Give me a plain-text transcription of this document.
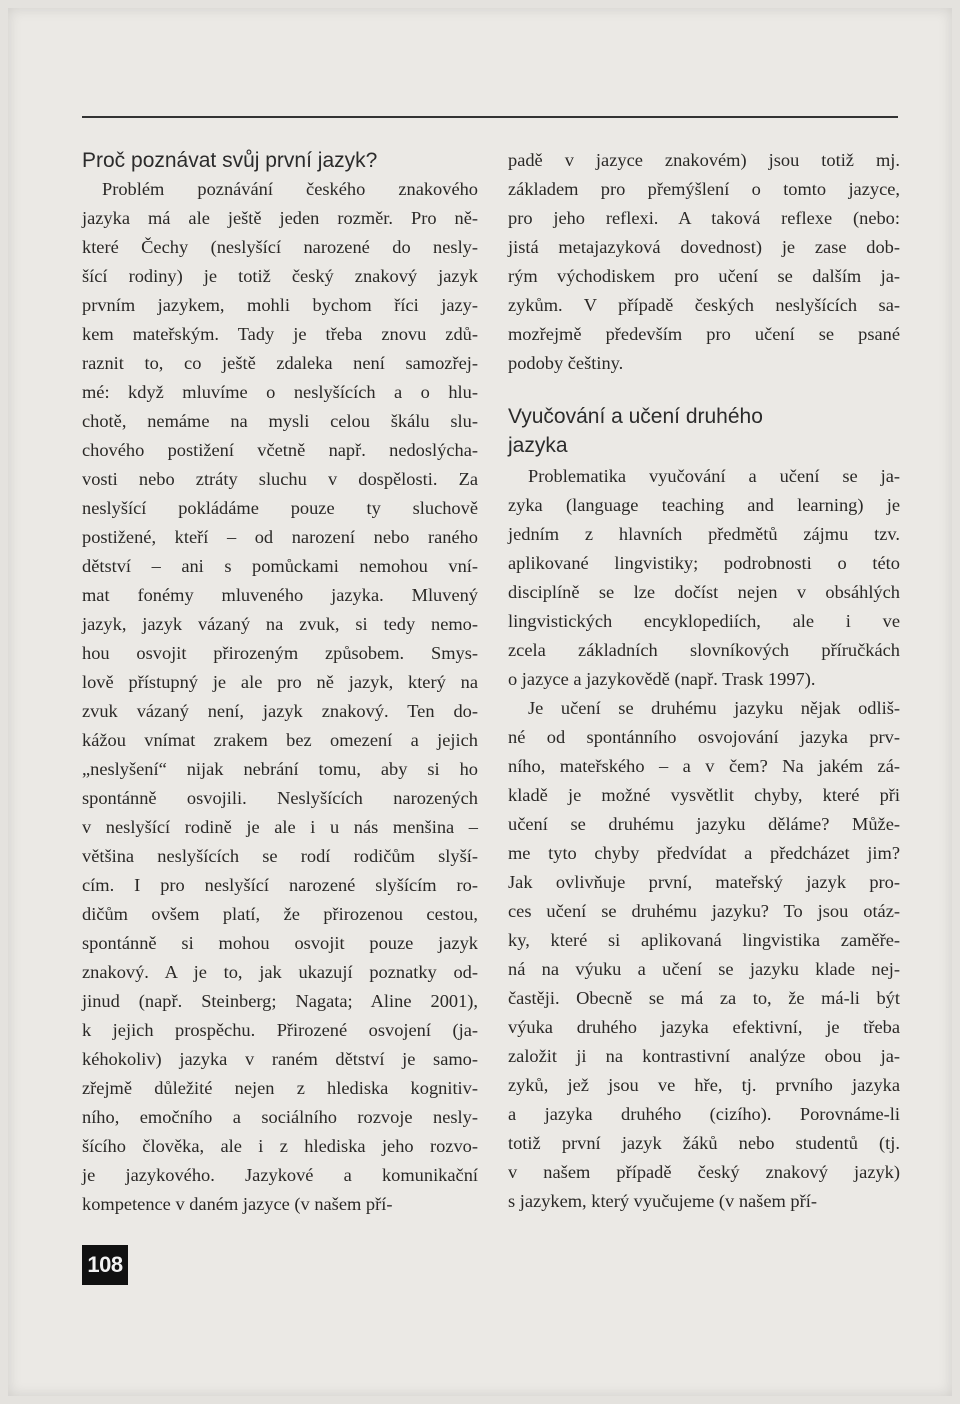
Proč poznávat svůj první jazyk?
Problém poznávání českého znakového
jazyka má ale ještě jeden rozměr. Pro ně-
které Čechy (neslyšící narozené do nesly-
šící rodiny) je totiž český znakový jazyk
prvním jazykem, mohli bychom říci jazy-
kem mateřským. Tady je třeba znovu zdů-
raznit to, co ještě zdaleka není samozřej-
mé: když mluvíme o neslyšících a o hlu-
chotě, nemáme na mysli celou škálu slu-
chového postižení včetně např. nedoslýcha-
vosti nebo ztráty sluchu v dospělosti. Za
neslyšící pokládáme pouze ty sluchově
postižené, kteří – od narození nebo raného
dětství – ani s pomůckami nemohou vní-
mat fonémy mluveného jazyka. Mluvený
jazyk, jazyk vázaný na zvuk, si tedy nemo-
hou osvojit přirozeným způsobem. Smys-
lově přístupný je ale pro ně jazyk, který na
zvuk vázaný není, jazyk znakový. Ten do-
kážou vnímat zrakem bez omezení a jejich
„neslyšení“ nijak nebrání tomu, aby si ho
spontánně osvojili. Neslyšících narozených
v neslyšící rodině je ale i u nás menšina –
většina neslyšících se rodí rodičům slyší-
cím. I pro neslyšící narozené slyšícím ro-
dičům ovšem platí, že přirozenou cestou,
spontánně si mohou osvojit pouze jazyk
znakový. A je to, jak ukazují poznatky od-
jinud (např. Steinberg; Nagata; Aline 2001),
k jejich prospěchu. Přirozené osvojení (ja-
kéhokoliv) jazyka v raném dětství je samo-
zřejmě důležité nejen z hlediska kognitiv-
ního, emočního a sociálního rozvoje nesly-
šícího člověka, ale i z hlediska jeho rozvo-
je jazykového. Jazykové a komunikační
kompetence v daném jazyce (v našem pří-
padě v jazyce znakovém) jsou totiž mj.
základem pro přemýšlení o tomto jazyce,
pro jeho reflexi. A taková reflexe (nebo:
jistá metajazyková dovednost) je zase dob-
rým východiskem pro učení se dalším ja-
zykům. V případě českých neslyšících sa-
mozřejmě především pro učení se psané
podoby češtiny.
Vyučování a učení druhého
jazyka
Problematika vyučování a učení se ja-
zyka (language teaching and learning) je
jedním z hlavních předmětů zájmu tzv.
aplikované lingvistiky; podrobnosti o této
disciplíně se lze dočíst nejen v obsáhlých
lingvistických encyklopediích, ale i ve
zcela základních slovníkových příručkách
o jazyce a jazykovědě (např. Trask 1997).
Je učení se druhému jazyku nějak odliš-
né od spontánního osvojování jazyka prv-
ního, mateřského – a v čem? Na jakém zá-
kladě je možné vysvětlit chyby, které při
učení se druhému jazyku děláme? Může-
me tyto chyby předvídat a předcházet jim?
Jak ovlivňuje první, mateřský jazyk pro-
ces učení se druhému jazyku? To jsou otáz-
ky, které si aplikovaná lingvistika zaměře-
ná na výuku a učení se jazyku klade nej-
častěji. Obecně se má za to, že má-li být
výuka druhého jazyka efektivní, je třeba
založit ji na kontrastivní analýze obou ja-
zyků, jež jsou ve hře, tj. prvního jazyka
a jazyka druhého (cizího). Porovnáme-li
totiž první jazyk žáků nebo studentů (tj.
v našem případě český znakový jazyk)
s jazykem, který vyučujeme (v našem pří-
108
